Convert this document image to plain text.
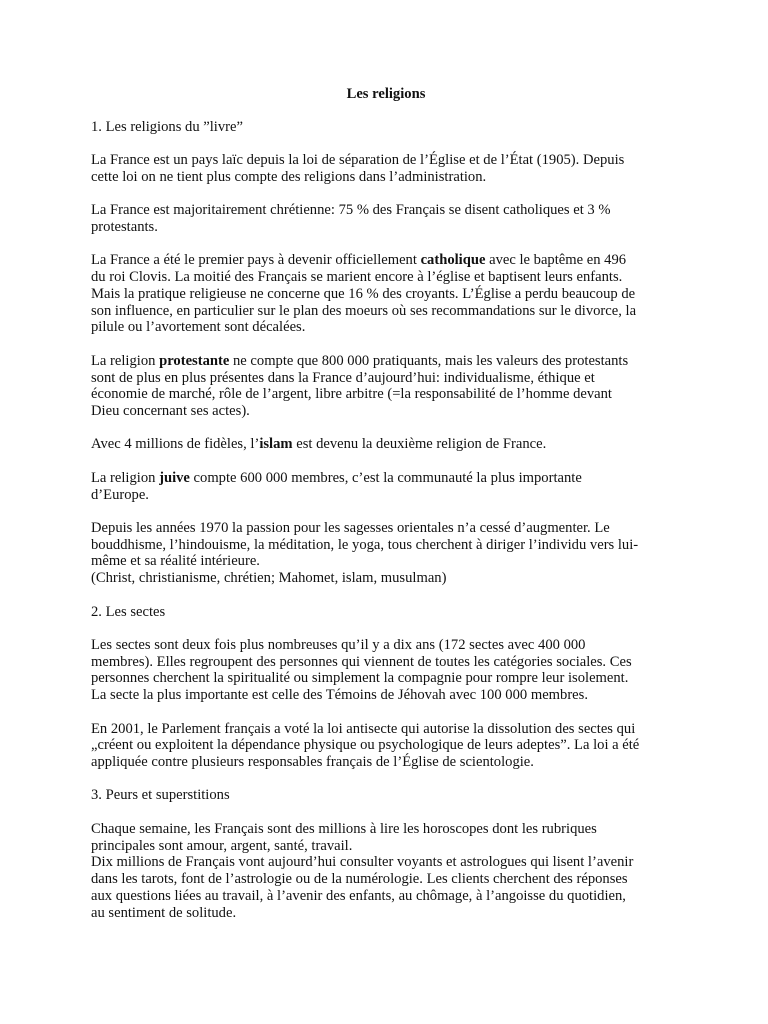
Les religions
1. Les religions du ”livre”
La France est un pays laïc depuis la loi de séparation de l’Église et de l’État (1905). Depuis
cette loi on ne tient plus compte des religions dans l’administration.
La France est majoritairement chrétienne: 75 % des Français se disent catholiques et 3 %
protestants.
La France a été le premier pays à devenir officiellement catholique avec le baptême en 496
du roi Clovis. La moitié des Français se marient encore à l’église et baptisent leurs enfants.
Mais la pratique religieuse ne concerne que 16 % des croyants. L’Église a perdu beaucoup de
son influence, en particulier sur le plan des moeurs où ses recommandations sur le divorce, la
pilule ou l’avortement sont décalées.
La religion protestante ne compte que 800 000 pratiquants, mais les valeurs des protestants
sont de plus en plus présentes dans la France d’aujourd’hui: individualisme, éthique et
économie de marché, rôle de l’argent, libre arbitre (=la responsabilité de l’homme devant
Dieu concernant ses actes).
Avec 4 millions de fidèles, l’islam est devenu la deuxième religion de France.
La religion juive compte 600 000 membres, c’est la communauté la plus importante
d’Europe.
Depuis les années 1970 la passion pour les sagesses orientales n’a cessé d’augmenter. Le
bouddhisme, l’hindouisme, la méditation, le yoga, tous cherchent à diriger l’individu vers lui-
même et sa réalité intérieure.
(Christ, christianisme, chrétien; Mahomet, islam, musulman)
2. Les sectes
Les sectes sont deux fois plus nombreuses qu’il y a dix ans (172 sectes avec 400 000
membres). Elles regroupent des personnes qui viennent de toutes les catégories sociales. Ces
personnes cherchent la spiritualité ou simplement la compagnie pour rompre leur isolement.
La secte la plus importante est celle des Témoins de Jéhovah avec 100 000 membres.
En 2001, le Parlement français a voté la loi antisecte qui autorise la dissolution des sectes qui
„créent ou exploitent la dépendance physique ou psychologique de leurs adeptes”. La loi a été
appliquée contre plusieurs responsables français de l’Église de scientologie.
3. Peurs et superstitions
Chaque semaine, les Français sont des millions à lire les horoscopes dont les rubriques
principales sont amour, argent, santé, travail.
Dix millions de Français vont aujourd’hui consulter voyants et astrologues qui lisent l’avenir
dans les tarots, font de l’astrologie ou de la numérologie. Les clients cherchent des réponses
aux questions liées au travail, à l’avenir des enfants, au chômage, à l’angoisse du quotidien,
au sentiment de solitude.
